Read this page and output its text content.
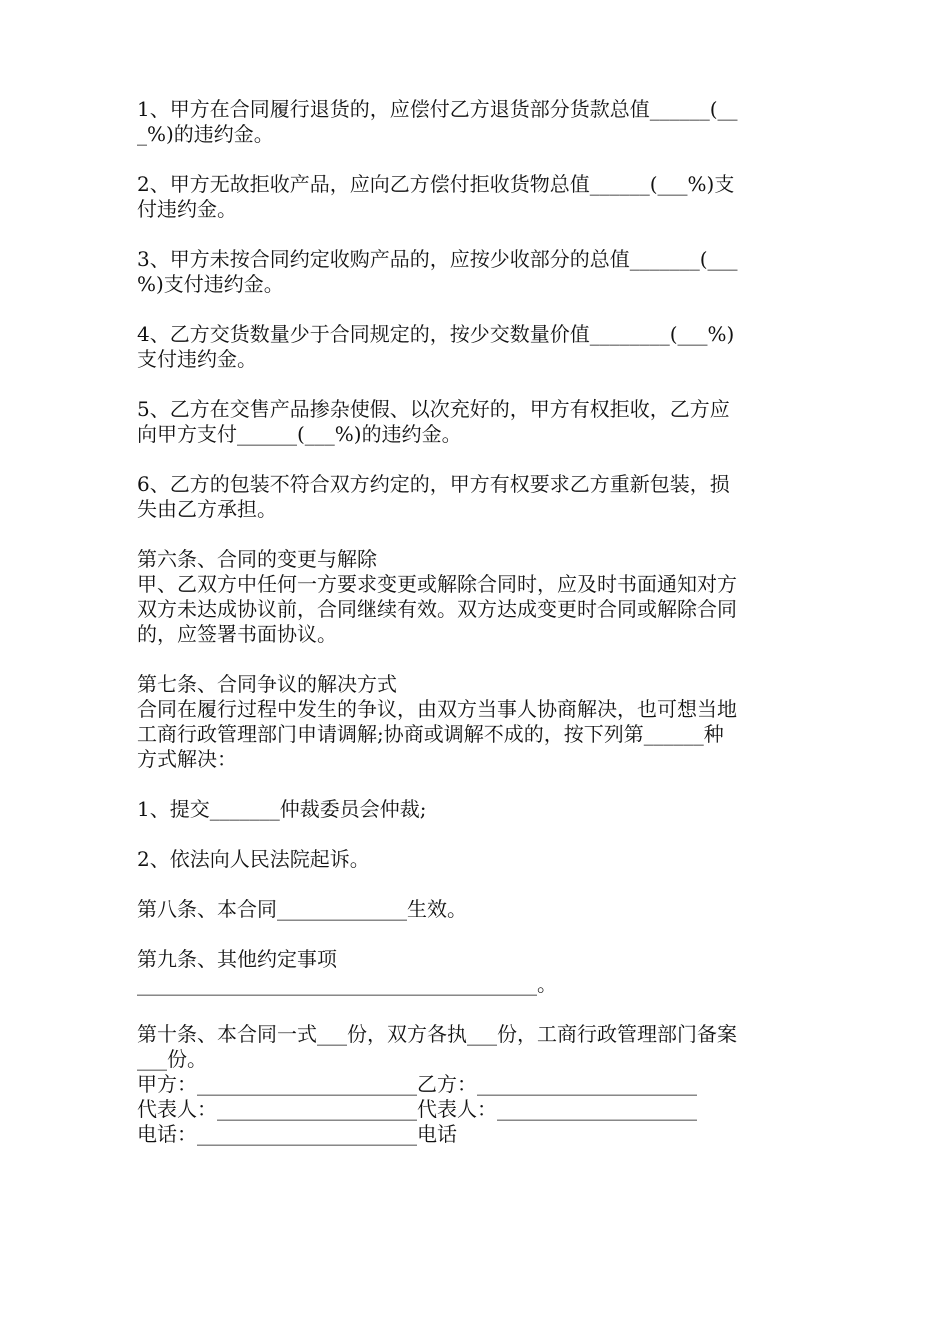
1、甲方在合同履行退货的，应偿付乙方退货部分货款总值______(__

_%)的违约金。

2、甲方无故拒收产品，应向乙方偿付拒收货物总值______(___%)支

付违约金。

3、甲方未按合同约定收购产品的，应按少收部分的总值_______(___

%)支付违约金。

4、乙方交货数量少于合同规定的，按少交数量价值________(___%)

支付违约金。

5、乙方在交售产品掺杂使假、以次充好的，甲方有权拒收，乙方应

向甲方支付______(___%)的违约金。

6、乙方的包装不符合双方约定的，甲方有权要求乙方重新包装，损

失由乙方承担。

第六条、合同的变更与解除

甲、乙双方中任何一方要求变更或解除合同时，应及时书面通知对方

双方未达成协议前，合同继续有效。双方达成变更时合同或解除合同

的，应签署书面协议。

第七条、合同争议的解决方式

合同在履行过程中发生的争议，由双方当事人协商解决，也可想当地

工商行政管理部门申请调解;协商或调解不成的，按下列第______种

方式解决：

1、提交_______仲裁委员会仲裁;

2、依法向人民法院起诉。

第八条、本合同_____________生效。

第九条、其他约定事项

________________________________________。

第十条、本合同一式___份，双方各执___份，工商行政管理部门备案

___份。

甲方：______________________乙方：______________________

代表人：____________________代表人：____________________

电话：______________________电话
